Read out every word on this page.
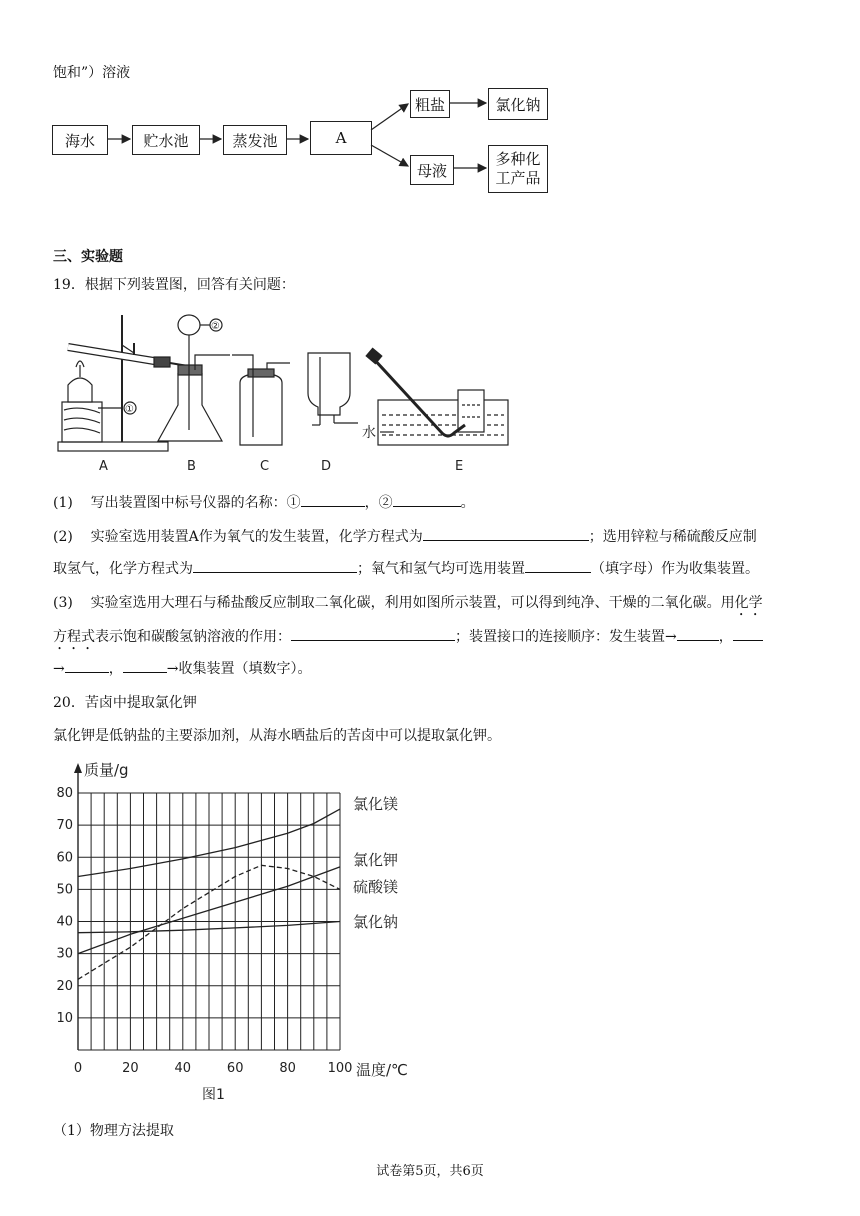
饱和”）溶液
海水	贮水池	蒸发池	A
粗盐	氯化钠
母液
多种化
工产品
三、实验题
19．根据下列装置图，回答有关问题：
①
②
水
A	B	C	D	E
(1) 写出装置图中标号仪器的名称：①	，②	。
(2) 实验室选用装置A作为氧气的发生装置，化学方程式为	；选用锌粒与稀硫酸反应制
取氢气，化学方程式为	；氧气和氢气均可选用装置	（填字母）作为收集装置。
(3) 实验室选用大理石与稀盐酸反应制取二氧化碳，利用如图所示装置，可以得到纯净、干燥的二氧化碳。用化学
方程式表示饱和碳酸氢钠溶液的作用：	；装置接口的连接顺序：发生装置→	，
→	，	→收集装置（填数字）。
20．苦卤中提取氯化钾
氯化钾是低钠盐的主要添加剂，从海水晒盐后的苦卤中可以提取氯化钾。
0	20	40	60	80 100
10
20
30
40
50
60
70
80
氯化镁
氯化钾
硫酸镁
氯化钠
质量/g
温度/℃
图1
（1）物理方法提取
试卷第5页，共6页
